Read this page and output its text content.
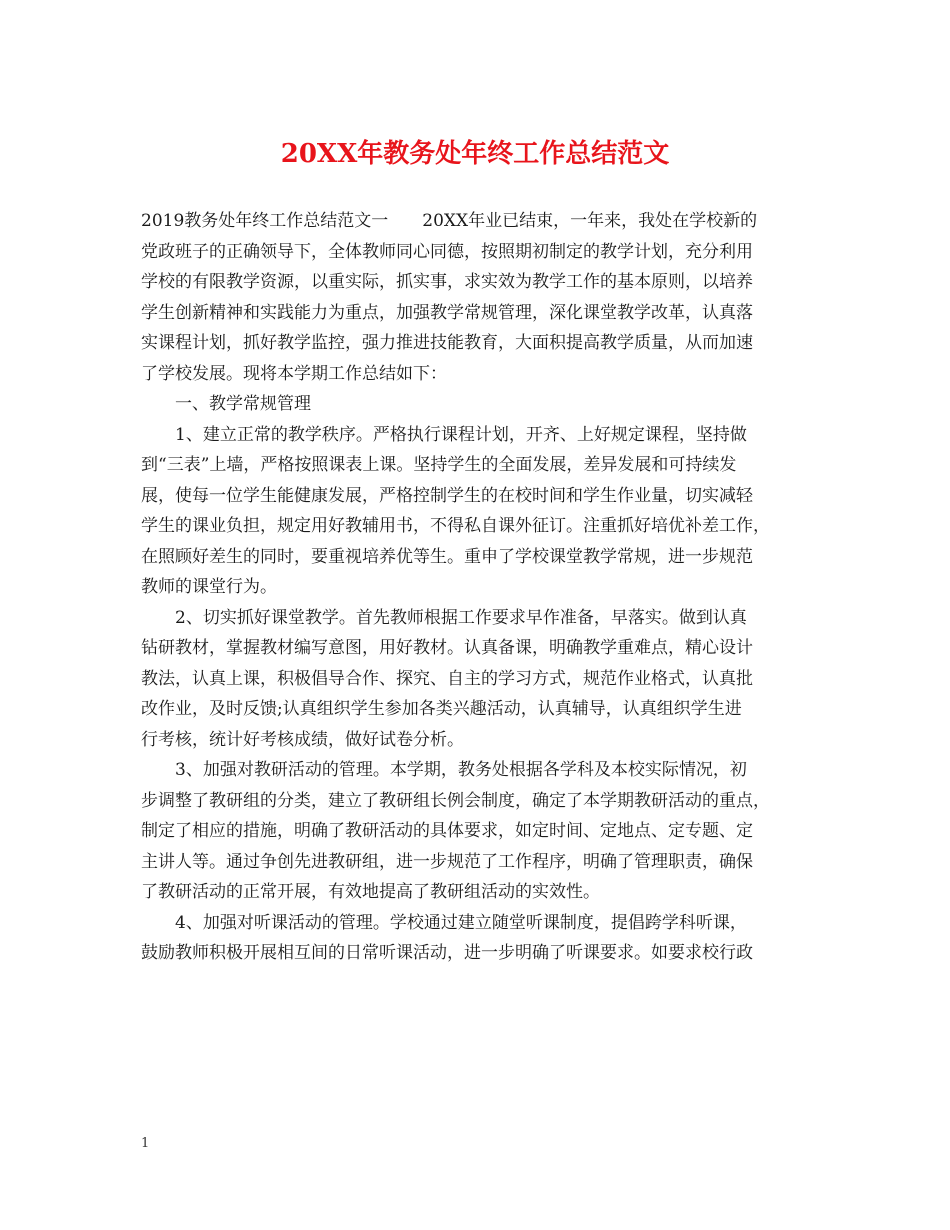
20XX年教务处年终工作总结范文
2019教务处年终工作总结范文一　　20XX年业已结束，一年来，我处在学校新的
党政班子的正确领导下，全体教师同心同德，按照期初制定的教学计划，充分利用
学校的有限教学资源，以重实际，抓实事，求实效为教学工作的基本原则，以培养
学生创新精神和实践能力为重点，加强教学常规管理，深化课堂教学改革，认真落
实课程计划，抓好教学监控，强力推进技能教育，大面积提高教学质量，从而加速
了学校发展。现将本学期工作总结如下：
一、教学常规管理
1、建立正常的教学秩序。严格执行课程计划，开齐、上好规定课程，坚持做
到“三表”上墙，严格按照课表上课。坚持学生的全面发展，差异发展和可持续发
展，使每一位学生能健康发展，严格控制学生的在校时间和学生作业量，切实减轻
学生的课业负担，规定用好教辅用书，不得私自课外征订。注重抓好培优补差工作，
在照顾好差生的同时，要重视培养优等生。重申了学校课堂教学常规，进一步规范
教师的课堂行为。
2、切实抓好课堂教学。首先教师根据工作要求早作准备，早落实。做到认真
钻研教材，掌握教材编写意图，用好教材。认真备课，明确教学重难点，精心设计
教法，认真上课，积极倡导合作、探究、自主的学习方式，规范作业格式，认真批
改作业，及时反馈;认真组织学生参加各类兴趣活动，认真辅导，认真组织学生进
行考核，统计好考核成绩，做好试卷分析。
3、加强对教研活动的管理。本学期，教务处根据各学科及本校实际情况，初
步调整了教研组的分类，建立了教研组长例会制度，确定了本学期教研活动的重点，
制定了相应的措施，明确了教研活动的具体要求，如定时间、定地点、定专题、定
主讲人等。通过争创先进教研组，进一步规范了工作程序，明确了管理职责，确保
了教研活动的正常开展，有效地提高了教研组活动的实效性。
4、加强对听课活动的管理。学校通过建立随堂听课制度，提倡跨学科听课，
鼓励教师积极开展相互间的日常听课活动，进一步明确了听课要求。如要求校行政
1
